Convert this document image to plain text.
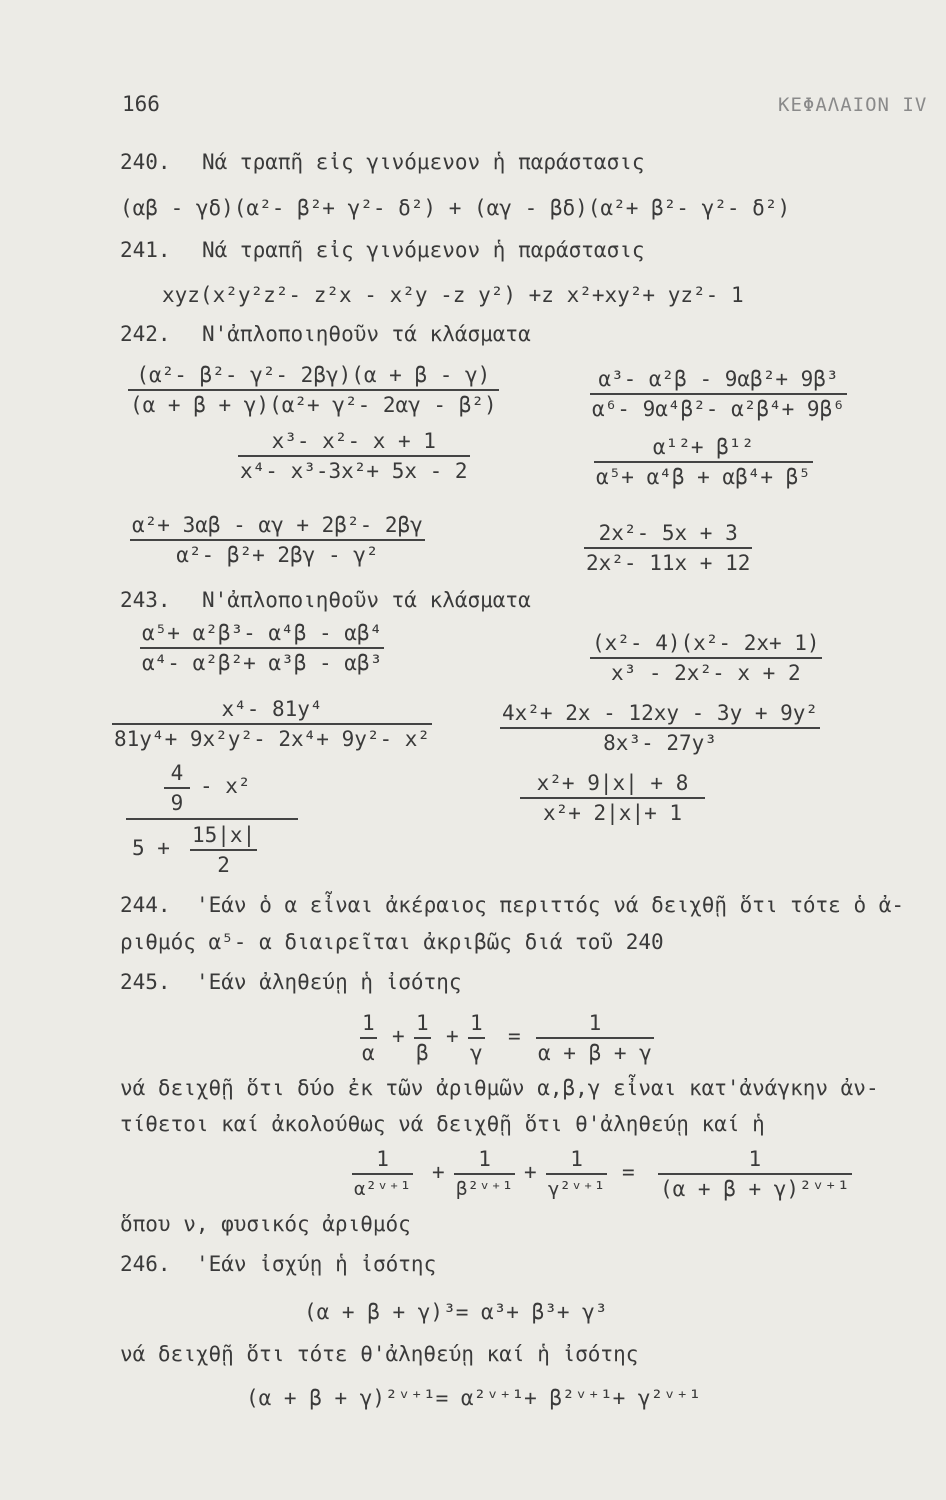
166	ΚΕΦΑΛΑΙΟΝ IV
240. Νά τραπῆ εἰς γινόμενον ἡ παράστασις
(αβ - γδ)(α²- β²+ γ²- δ²) + (αγ - βδ)(α²+ β²- γ²- δ²)
241. Νά τραπῆ εἰς γινόμενον ἡ παράστασις
xyz(x²y²z²- z²x - x²y -z y²) +z x²+xy²+ yz²- 1
242. N'ἀπλοποιηθοῦν τά κλάσματα
(α²- β²- γ²- 2βγ)(α + β - γ)
(α + β + γ)(α²+ γ²- 2αγ - β²)
α³- α²β - 9αβ²+ 9β³
α⁶- 9α⁴β²- α²β⁴+ 9β⁶
x³- x²- x + 1
x⁴- x³-3x²+ 5x - 2
α¹²+ β¹²
α⁵+ α⁴β + αβ⁴+ β⁵
α²+ 3αβ - αγ + 2β²- 2βγ
α²- β²+ 2βγ - γ²
2x²- 5x + 3
2x²- 11x + 12
243. N'ἀπλοποιηθοῦν τά κλάσματα
α⁵+ α²β³- α⁴β - αβ⁴
α⁴- α²β²+ α³β - αβ³
(x²- 4)(x²- 2x+ 1)
x³ - 2x²- x + 2
x⁴- 81y⁴
81y⁴+ 9x²y²- 2x⁴+ 9y²- x²
4x²+ 2x - 12xy - 3y + 9y²
8x³- 27y³
4
9
- x²
5 +
15|x|
2
x²+ 9|x| + 8
x²+ 2|x|+ 1
244. 'Εάν ὁ α εἶναι ἀκέραιος περιττός νά δειχθῇ ὅτι τότε ὁ ἀ-
ριθμός α⁵- α διαιρεῖται ἀκριβῶς διά τοῦ 240
245. 'Εάν ἀληθεύῃ ἡ ἰσότης
1
α
+
1
β
+
1
γ
=
1
α + β + γ
νά δειχθῇ ὅτι δύο ἐκ τῶν ἀριθμῶν α,β,γ εἶναι κατ'ἀνάγκην ἀν-
τίθετοι καί ἀκολούθως νά δειχθῇ ὅτι θ'ἀληθεύῃ καί ἡ
1
α²ᵛ⁺¹
+
1
β²ᵛ⁺¹
+
1
γ²ᵛ⁺¹
=
1
(α + β + γ)²ᵛ⁺¹
ὅπου ν, φυσικός ἀριθμός
246. 'Εάν ἰσχύῃ ἡ ἰσότης
(α + β + γ)³= α³+ β³+ γ³
νά δειχθῇ ὅτι τότε θ'ἀληθεύῃ καί ἡ ἰσότης
(α + β + γ)²ᵛ⁺¹= α²ᵛ⁺¹+ β²ᵛ⁺¹+ γ²ᵛ⁺¹
